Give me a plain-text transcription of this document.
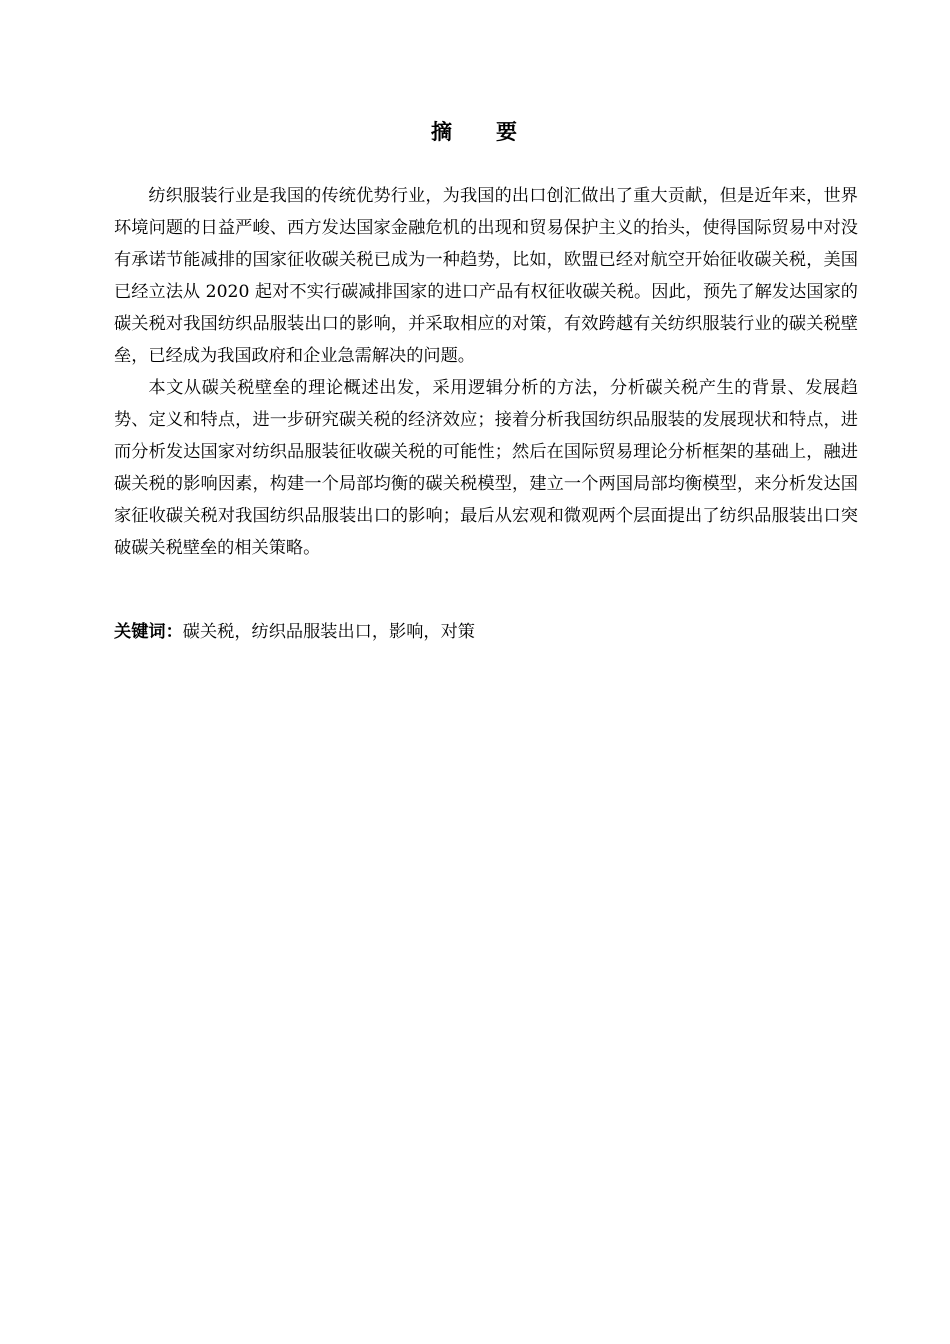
摘 要

纺织服装行业是我国的传统优势行业，为我国的出口创汇做出了重大贡献，但是近年来，世界环境问题的日益严峻、西方发达国家金融危机的出现和贸易保护主义的抬头，使得国际贸易中对没有承诺节能减排的国家征收碳关税已成为一种趋势，比如，欧盟已经对航空开始征收碳关税，美国已经立法从 2020 起对不实行碳减排国家的进口产品有权征收碳关税。因此，预先了解发达国家的碳关税对我国纺织品服装出口的影响，并采取相应的对策，有效跨越有关纺织服装行业的碳关税壁垒，已经成为我国政府和企业急需解决的问题。

本文从碳关税壁垒的理论概述出发，采用逻辑分析的方法，分析碳关税产生的背景、发展趋势、定义和特点，进一步研究碳关税的经济效应；接着分析我国纺织品服装的发展现状和特点，进而分析发达国家对纺织品服装征收碳关税的可能性；然后在国际贸易理论分析框架的基础上，融进碳关税的影响因素，构建一个局部均衡的碳关税模型，建立一个两国局部均衡模型，来分析发达国家征收碳关税对我国纺织品服装出口的影响；最后从宏观和微观两个层面提出了纺织品服装出口突破碳关税壁垒的相关策略。

关键词：碳关税，纺织品服装出口，影响，对策
